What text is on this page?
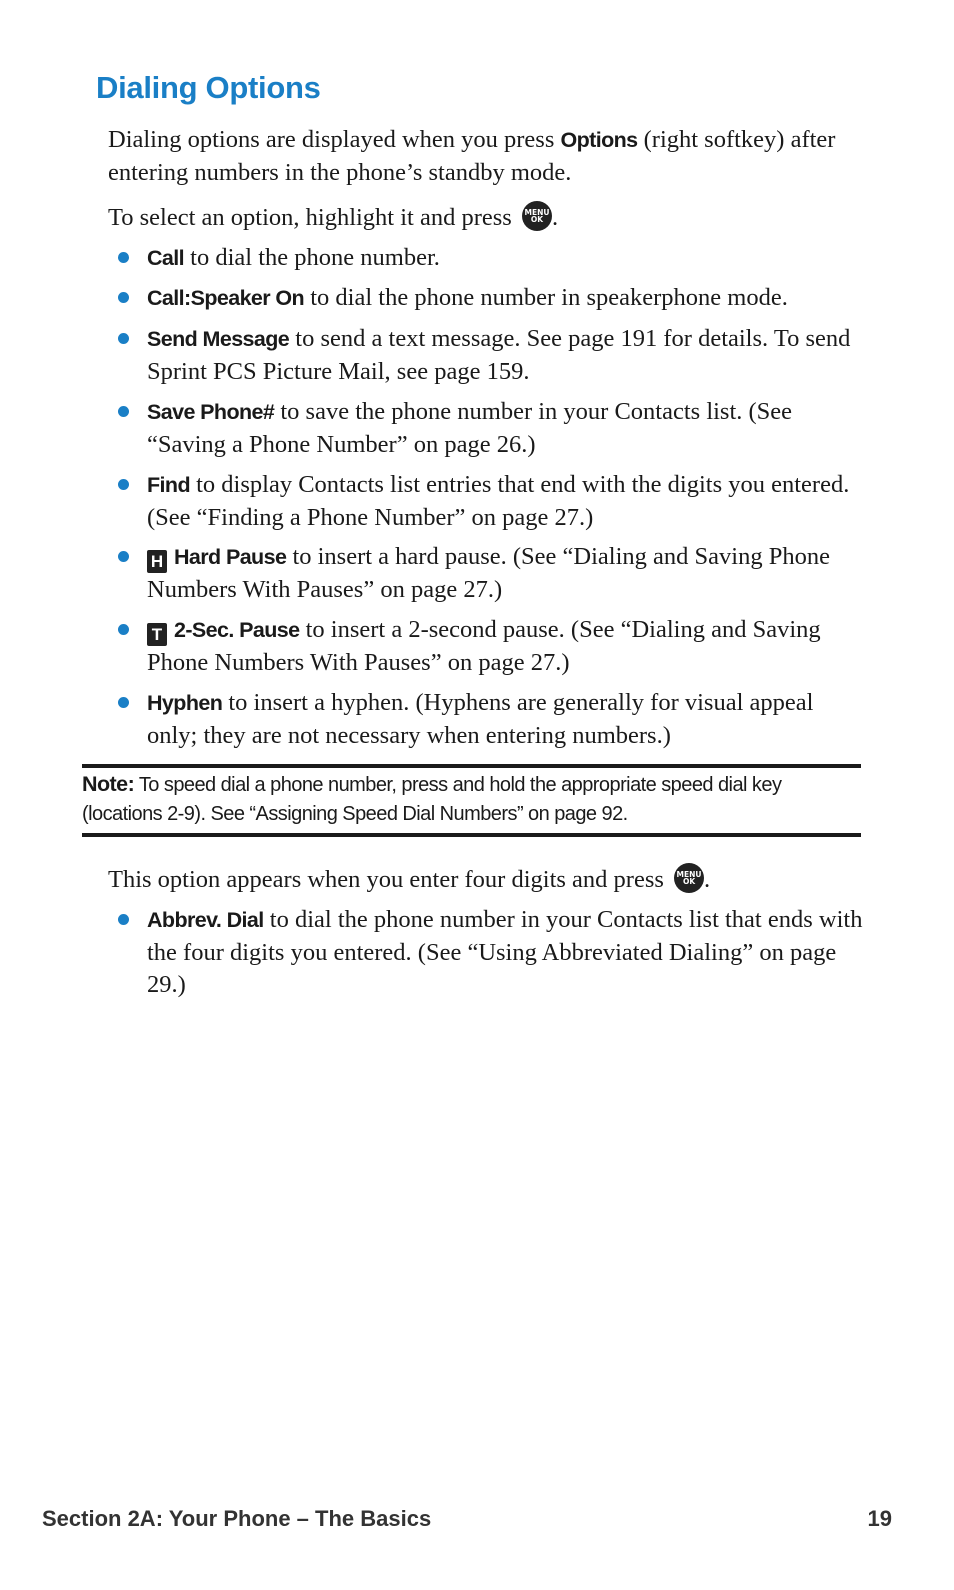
Dialing Options

Dialing options are displayed when you press Options (right softkey) after entering numbers in the phone’s standby mode.

To select an option, highlight it and press MENU
OK .

Call to dial the phone number.
Call:Speaker On to dial the phone number in speakerphone mode.
Send Message to send a text message. See page 191 for details. To send Sprint PCS Picture Mail, see page 159.
Save Phone# to save the phone number in your Contacts list. (See “Saving a Phone Number” on page 26.)
Find to display Contacts list entries that end with the digits you entered. (See “Finding a Phone Number” on page 27.)
H Hard Pause to insert a hard pause. (See “Dialing and Saving Phone Numbers With Pauses” on page 27.)
T 2-Sec. Pause to insert a 2-second pause. (See “Dialing and Saving Phone Numbers With Pauses” on page 27.)
Hyphen to insert a hyphen. (Hyphens are generally for visual appeal only; they are not necessary when entering numbers.)

Note: To speed dial a phone number, press and hold the appropriate speed dial key (locations 2-9). See “Assigning Speed Dial Numbers” on page 92.

This option appears when you enter four digits and press MENU
OK .

Abbrev. Dial to dial the phone number in your Contacts list that ends with the four digits you entered. (See “Using Abbreviated Dialing” on page 29.)
Section 2A: Your Phone – The Basics	19
